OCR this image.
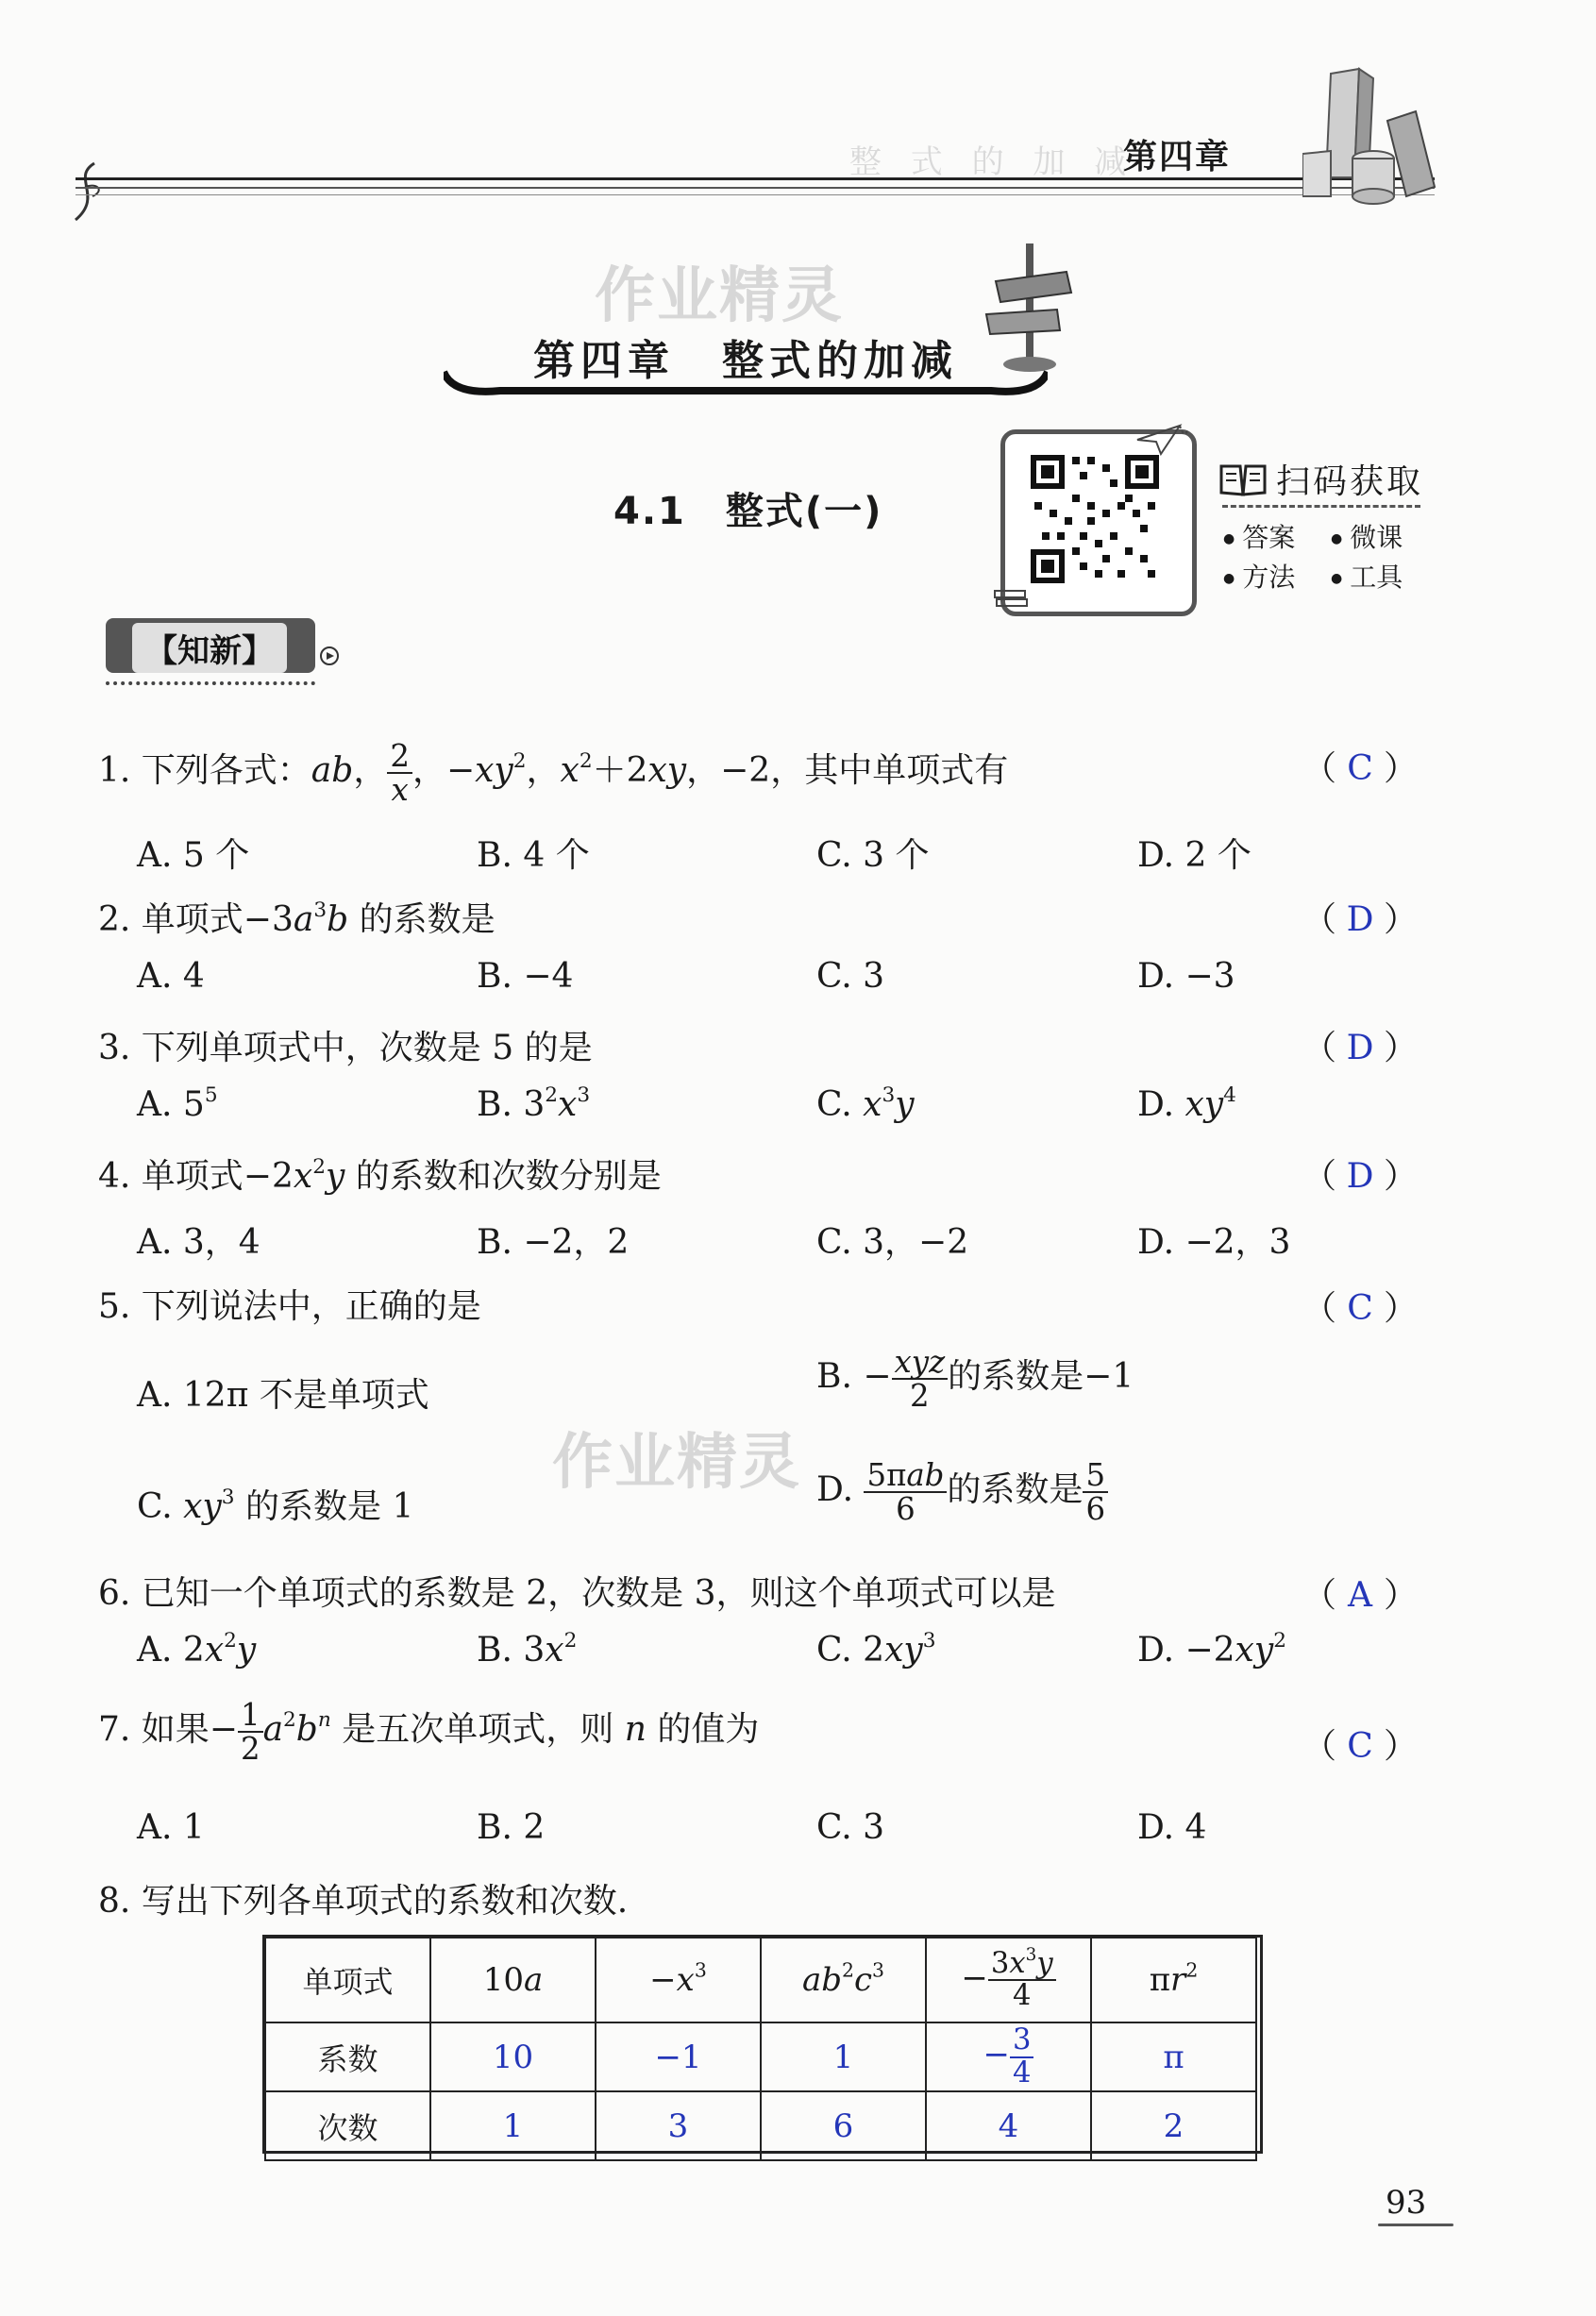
整 式 的 加 减
第四章
作业精灵
作业精灵
第四章　整式的加减
4.1　整式(一)
扫码获取
● 答案	● 微课
● 方法	● 工具
【知新】
1. 下列各式：ab， $\frac{2}{x}$ ，$-xy^2$，$x^2+2xy$，−2，其中单项式有	（ C ）
A. 5 个	B. 4 个	C. 3 个	D. 2 个
2. 单项式$-3a^3b$ 的系数是	（ D ）
A. 4	B. −4	C. 3	D. −3
3. 下列单项式中，次数是 5 的是	（ D ）
A. $5^5$	B. $3^2x^3$	C. $x^3y$	D. $xy^4$
4. 单项式$-2x^2y$ 的系数和次数分别是	（ D ）
A. 3，4	B. −2，2	C. 3，−2	D. −2，3
5. 下列说法中，正确的是	（ C ）
A. 12π 不是单项式	B. − $\frac{\text{xyz}}{2}$ 的系数是−1
C. $xy^3$ 的系数是 1	D. $\frac{\text{5πab}}{6}$ 的系数是 $\frac{5}{6}$
6. 已知一个单项式的系数是 2，次数是 3，则这个单项式可以是	（ A ）
A. $2x^2y$	B. $3x^2$	C. $2xy^3$	D. $-2xy^2$
7. 如果− $\frac{1}{2} a^2b^n$ 是五次单项式，则 n 的值为	（ C ）
A. 1	B. 2	C. 3	D. 4
8. 写出下列各单项式的系数和次数.
单项式	10a	$-x^3$	$ab^2c^3$	− $\frac{3x^3y}{4}$	$\pi r^2$
系数	10	−1	1	− $\frac{3}{4}$	π
次数	1	3	6	4	2
93
